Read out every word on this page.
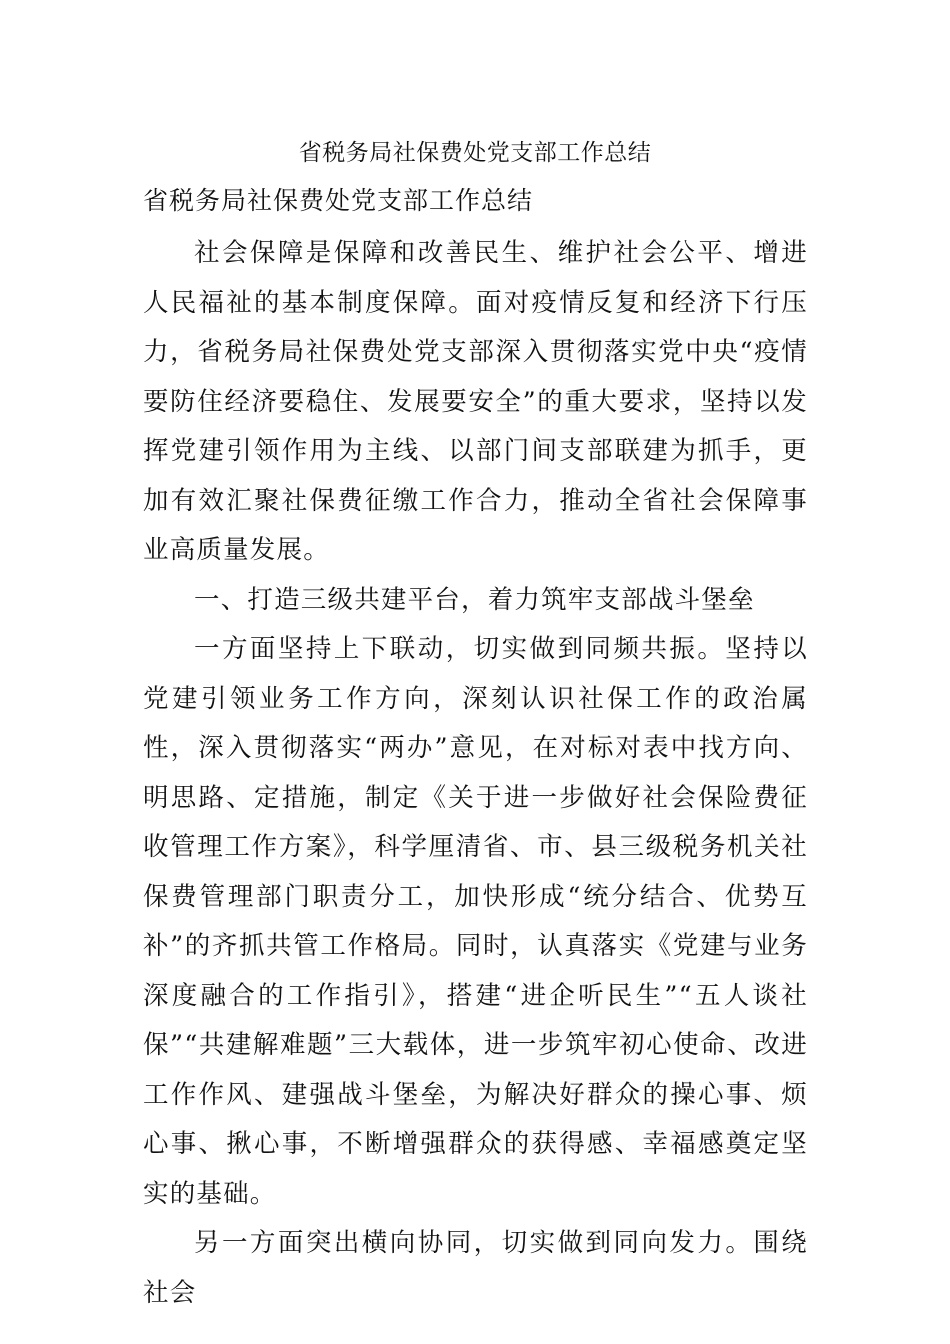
省税务局社保费处党支部工作总结
省税务局社保费处党支部工作总结

社会保障是保障和改善民生、维护社会公平、增进人民福祉的基本制度保障。面对疫情反复和经济下行压力，省税务局社保费处党支部深入贯彻落实党中央“疫情要防住经济要稳住、发展要安全”的重大要求，坚持以发挥党建引领作用为主线、以部门间支部联建为抓手，更加有效汇聚社保费征缴工作合力，推动全省社会保障事业高质量发展。

一、打造三级共建平台，着力筑牢支部战斗堡垒

一方面坚持上下联动，切实做到同频共振。坚持以党建引领业务工作方向，深刻认识社保工作的政治属性，深入贯彻落实“两办”意见，在对标对表中找方向、明思路、定措施，制定《关于进一步做好社会保险费征收管理工作方案》，科学厘清省、市、县三级税务机关社保费管理部门职责分工，加快形成“统分结合、优势互补”的齐抓共管工作格局。同时，认真落实《党建与业务深度融合的工作指引》，搭建“进企听民生”“五人谈社保”“共建解难题”三大载体，进一步筑牢初心使命、改进工作作风、建强战斗堡垒，为解决好群众的操心事、烦心事、揪心事，不断增强群众的获得感、幸福感奠定坚实的基础。

另一方面突出横向协同，切实做到同向发力。围绕社会
